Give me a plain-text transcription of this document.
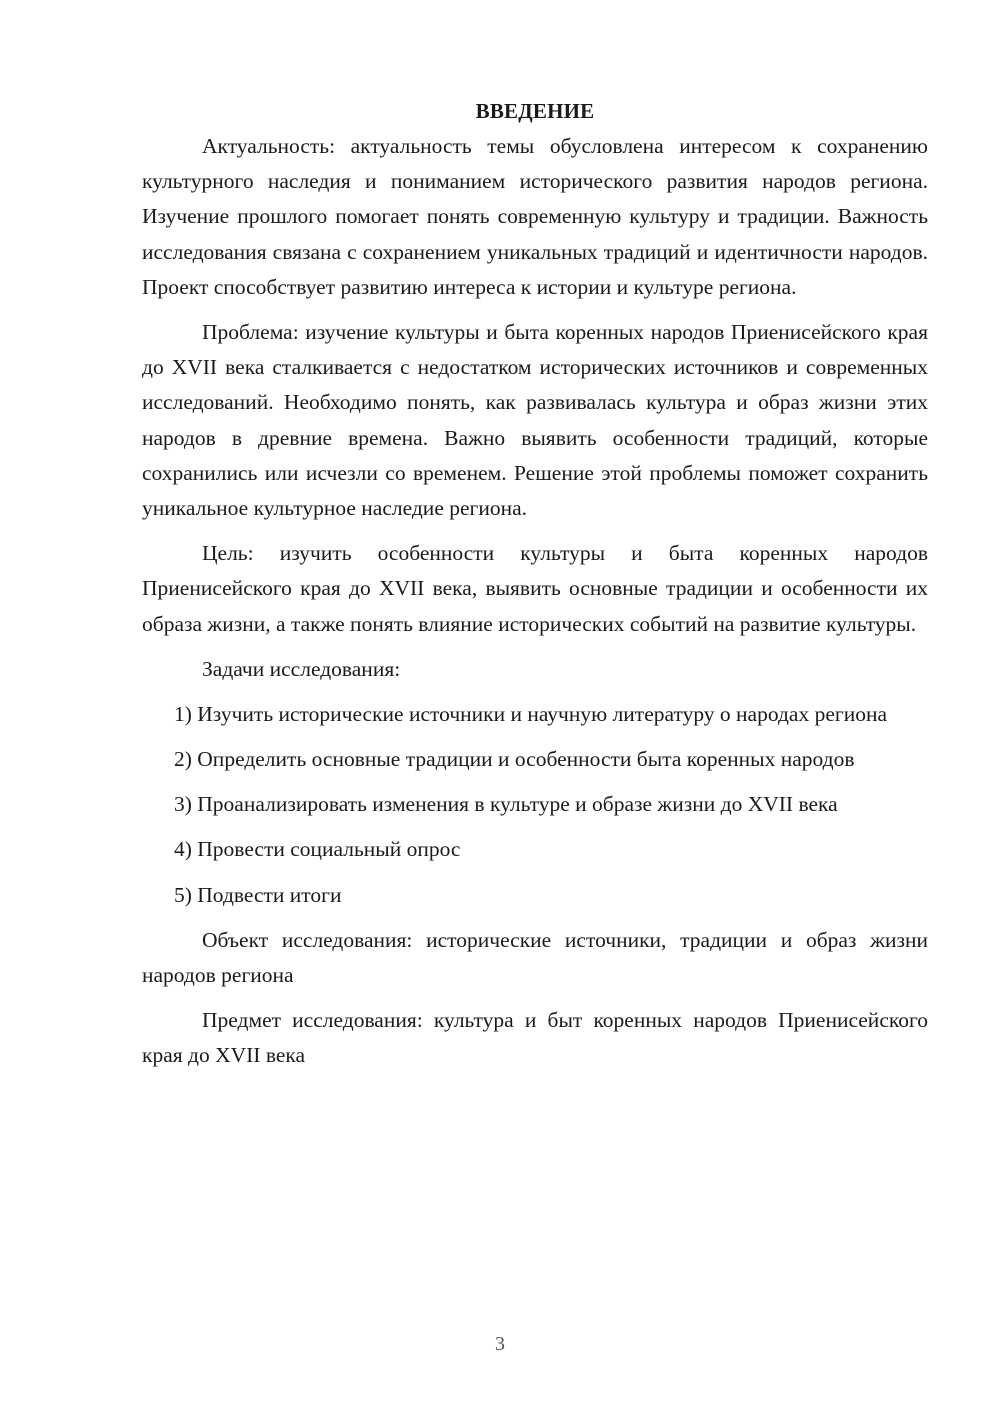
ВВЕДЕНИЕ

Актуальность: актуальность темы обусловлена интересом к сохранению культурного наследия и пониманием исторического развития народов региона. Изучение прошлого помогает понять современную культуру и традиции. Важность исследования связана с сохранением уникальных традиций и идентичности народов. Проект способствует развитию интереса к истории и культуре региона.

Проблема: изучение культуры и быта коренных народов Приенисейского края до XVII века сталкивается с недостатком исторических источников и современных исследований. Необходимо понять, как развивалась культура и образ жизни этих народов в древние времена. Важно выявить особенности традиций, которые сохранились или исчезли со временем. Решение этой проблемы поможет сохранить уникальное культурное наследие региона.

Цель: изучить особенности культуры и быта коренных народов Приенисейского края до XVII века, выявить основные традиции и особенности их образа жизни, а также понять влияние исторических событий на развитие культуры.

Задачи исследования:

1) Изучить исторические источники и научную литературу о народах региона

2) Определить основные традиции и особенности быта коренных народов

3) Проанализировать изменения в культуре и образе жизни до XVII века

4) Провести социальный опрос

5) Подвести итоги

Объект исследования: исторические источники, традиции и образ жизни народов региона

Предмет исследования: культура и быт коренных народов Приенисейского края до XVII века

3
